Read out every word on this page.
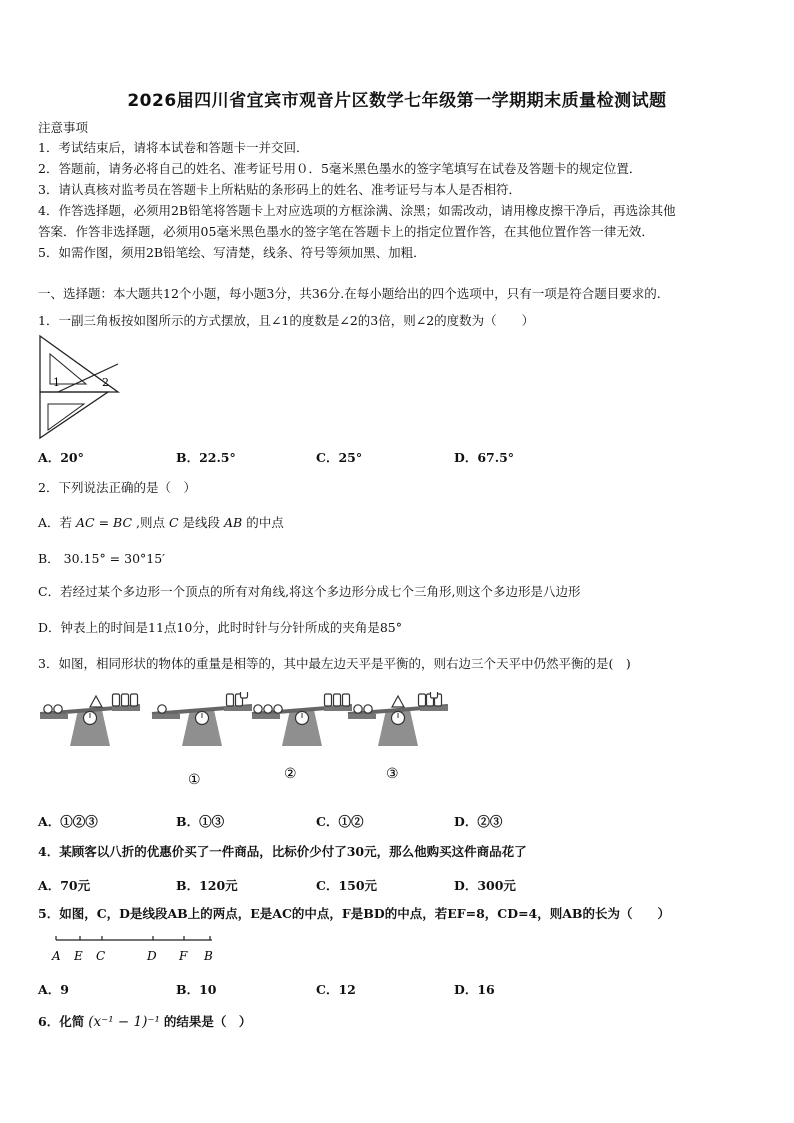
2026届四川省宜宾市观音片区数学七年级第一学期期末质量检测试题
注意事项
1．考试结束后，请将本试卷和答题卡一并交回．
2．答题前，请务必将自己的姓名、准考证号用０．5毫米黑色墨水的签字笔填写在试卷及答题卡的规定位置．
3．请认真核对监考员在答题卡上所粘贴的条形码上的姓名、准考证号与本人是否相符．
4．作答选择题，必须用2B铅笔将答题卡上对应选项的方框涂满、涂黑；如需改动，请用橡皮擦干净后，再选涂其他
答案．作答非选择题，必须用05毫米黑色墨水的签字笔在答题卡上的指定位置作答，在其他位置作答一律无效．
5．如需作图，须用2B铅笔绘、写清楚，线条、符号等须加黑、加粗．
一、选择题：本大题共12个小题，每小题3分，共36分.在每小题给出的四个选项中，只有一项是符合题目要求的.
1．一副三角板按如图所示的方式摆放，且∠1的度数是∠2的3倍，则∠2的度数为（　　）
1	2
A．20°	B．22.5°	C．25°	D．67.5°
2．下列说法正确的是（　）
A．若 AC = BC ,则点 C 是线段 AB 的中点
B． 30.15° = 30°15′
C．若经过某个多边形一个顶点的所有对角线,将这个多边形分成七个三角形,则这个多边形是八边形
D．钟表上的时间是11点10分，此时时针与分针所成的夹角是85°
3．如图，相同形状的物体的重量是相等的，其中最左边天平是平衡的，则右边三个天平中仍然平衡的是(　)
①	②	③
A．①②③	B．①③	C．①②	D．②③
4．某顾客以八折的优惠价买了一件商品，比标价少付了30元，那么他购买这件商品花了
A．70元	B．120元	C．150元	D．300元
5．如图，C，D是线段AB上的两点，E是AC的中点，F是BD的中点，若EF=8，CD=4，则AB的长为（　　）
A E C	D F B
A．9	B．10	C．12	D．16
6．化简 (x⁻¹ − 1)⁻¹ 的结果是（　）
